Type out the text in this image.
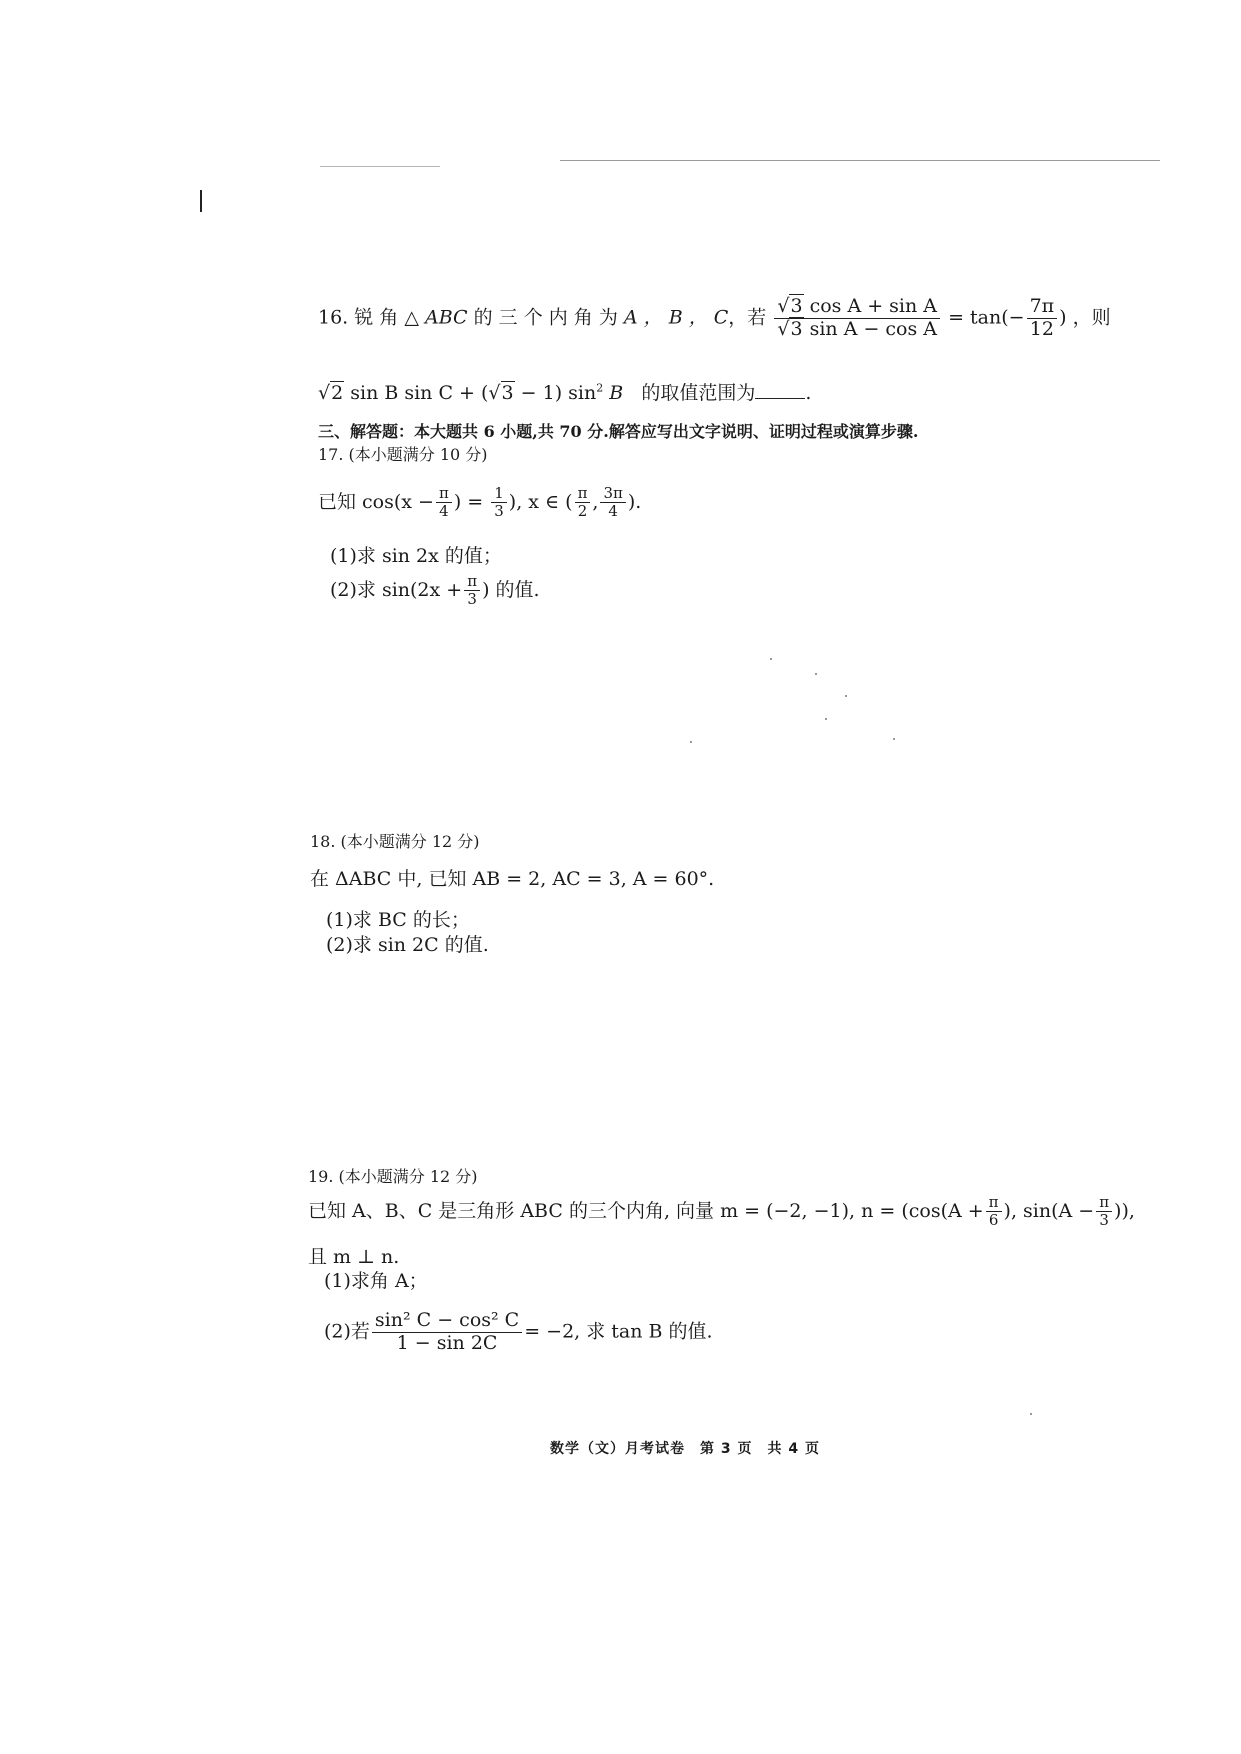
16. 锐 角 △ ABC 的 三 个 内 角 为 A ， B ， C，若 $\frac{\text{√3 cos A + sin A}}{\text{√3 sin A − cos A}} = \tan(- \frac{7\pi}{12}$ ) ，则
√2 sin B sin C + (√3 − 1) $\sin^2 B$ 的取值范围为	.
三、解答题：本大题共 6 小题,共 70 分.解答应写出文字说明、证明过程或演算步骤.
17. (本小题满分 10 分)
已知 $\cos(x - \frac{\pi}{4}$ ) = $\frac{1}{3}$ ), x ∈ ( $\frac{\pi}{2}$ , $\frac{3\pi}{4}$ ).
(1)求 sin 2x 的值；
(2)求 $\sin(2x + \frac{\pi}{3}$ ) 的值.
18. (本小题满分 12 分)
在 ΔABC 中, 已知 AB = 2, AC = 3, A = 60°.
(1)求 BC 的长；
(2)求 sin 2C 的值.
19. (本小题满分 12 分)
已知 A、B、C 是三角形 ABC 的三个内角, 向量 m = (−2, −1), $n = (\cos(A + \frac{\pi}{6}$ ), $\sin(A - \frac{\pi}{3}$ )),
且 m ⊥ n.
(1)求角 A；
(2)若 $\frac{\text{sin² C − cos² C}}{1 - \sin 2C} = -2$, 求 tan B 的值.
数学（文）月考试卷　第 3 页　共 4 页
